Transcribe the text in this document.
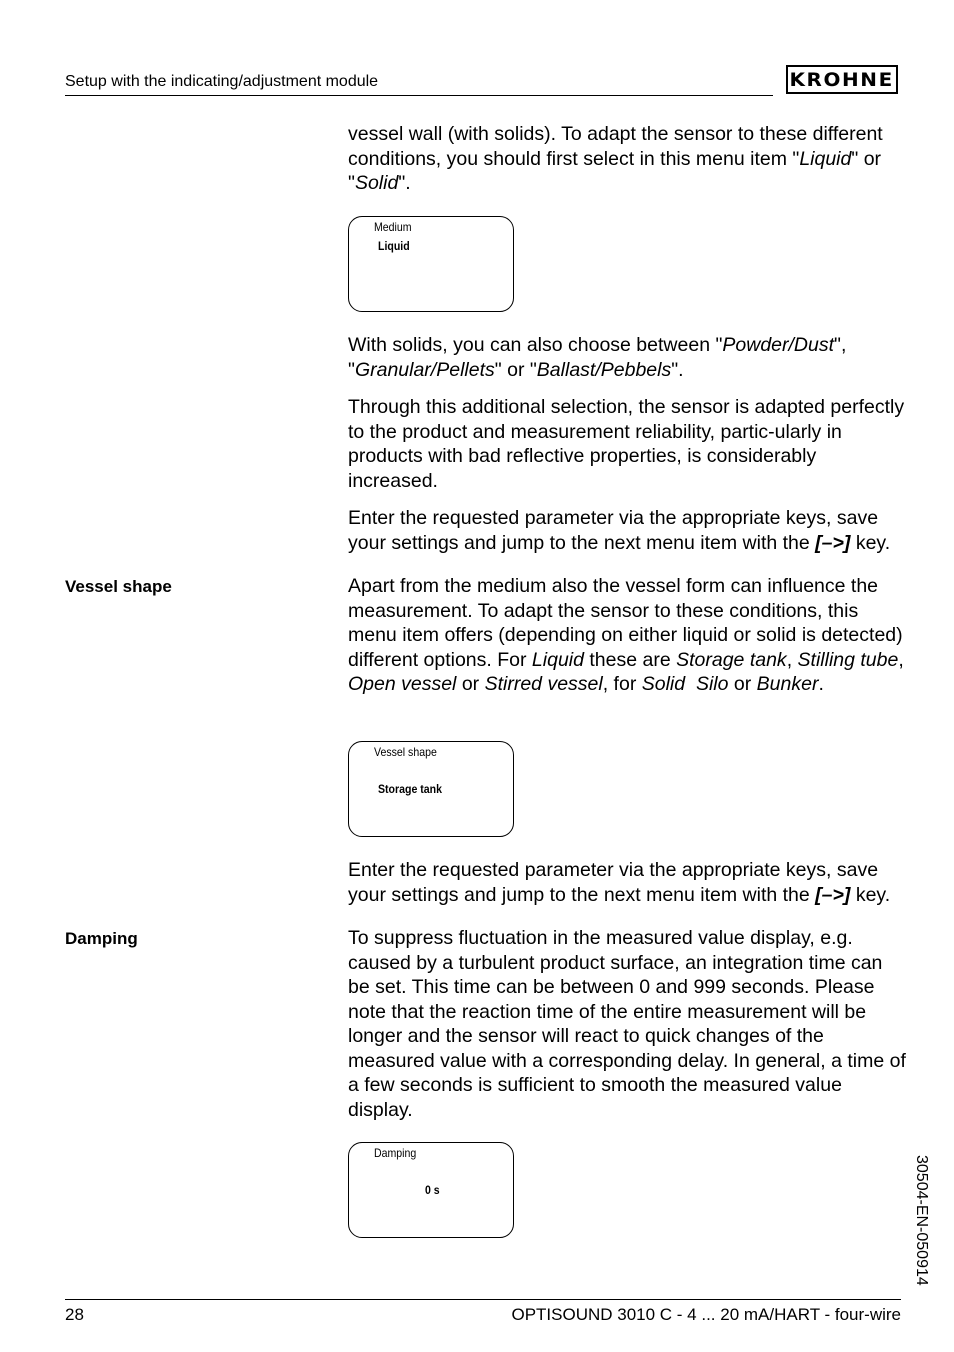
Setup with the indicating/adjustment module	KROHNE

vessel wall (with solids). To adapt the sensor to these different conditions, you should first select in this menu item "Liquid" or "Solid".

Medium
Liquid

With solids, you can also choose between "Powder/Dust", "Granular/Pellets" or "Ballast/Pebbels".

Through this additional selection, the sensor is adapted perfectly to the product and measurement reliability, partic-ularly in products with bad reflective properties, is considerably increased.

Enter the requested parameter via the appropriate keys, save your settings and jump to the next menu item with the [–>] key.

Vessel shape	Apart from the medium also the vessel form can influence the measurement. To adapt the sensor to these conditions, this menu item offers (depending on either liquid or solid is detected) different options. For Liquid these are Storage tank, Stilling tube, Open vessel or Stirred vessel, for Solid Silo or Bunker.

Vessel shape
Storage tank

Enter the requested parameter via the appropriate keys, save your settings and jump to the next menu item with the [–>] key.

Damping	To suppress fluctuation in the measured value display, e.g. caused by a turbulent product surface, an integration time can be set. This time can be between 0 and 999 seconds. Please note that the reaction time of the entire measurement will be longer and the sensor will react to quick changes of the measured value with a corresponding delay. In general, a time of a few seconds is sufficient to smooth the measured value display.

Damping
0 s	30504-EN-050914
28	OPTISOUND 3010 C - 4 ... 20 mA/HART - four-wire
